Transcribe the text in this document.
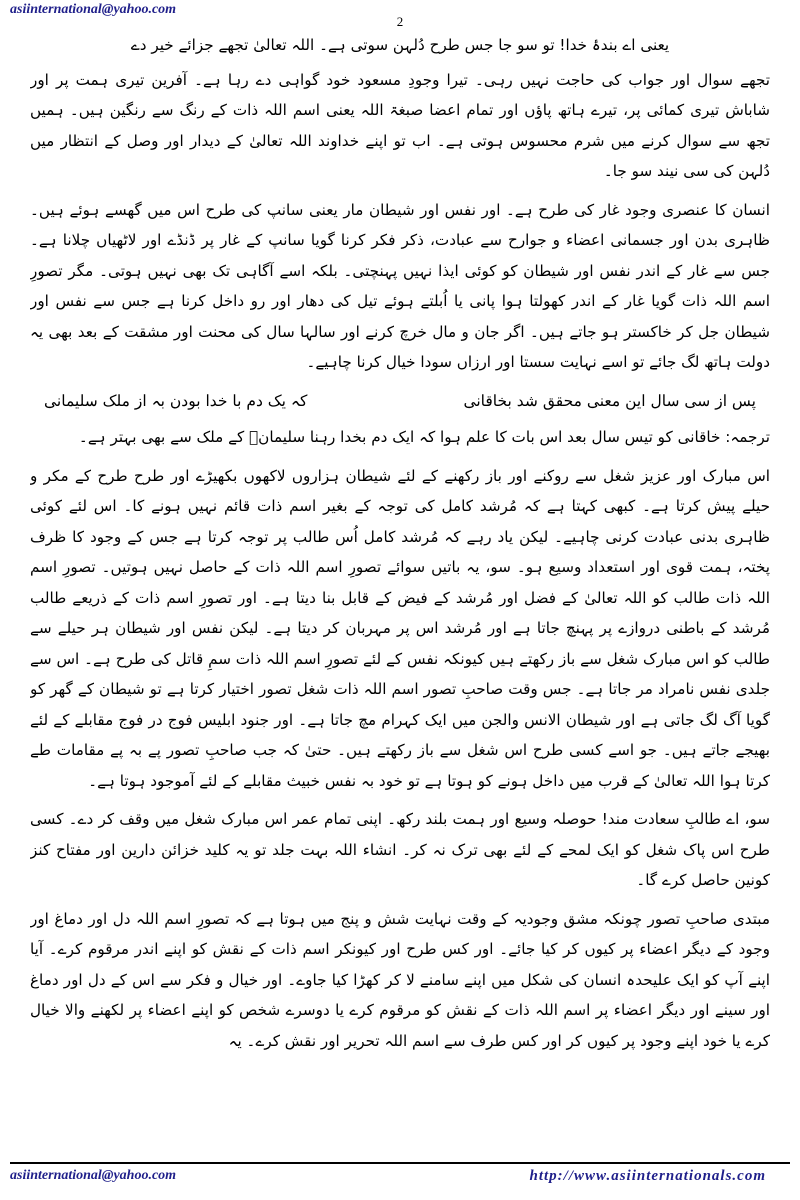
asiinternational@yahoo.com
2

یعنی اے بندۂ خدا! تو سو جا جس طرح دُلہن سوتی ہے۔ اللہ تعالیٰ تجھے جزائے خیر دے

تجھے سوال اور جواب کی حاجت نہیں رہی۔ تیرا وجودِ مسعود خود گواہی دے رہا ہے۔ آفرین تیری ہمت پر اور شاباش تیری کمائی پر، تیرے ہاتھ پاؤں اور تمام اعضا صبغۃ اللہ یعنی اسم اللہ ذات کے رنگ سے رنگین ہیں۔ ہمیں تجھ سے سوال کرنے میں شرم محسوس ہوتی ہے۔ اب تو اپنے خداوند اللہ تعالیٰ کے دیدار اور وصل کے انتظار میں دُلہن کی سی نیند سو جا۔

انسان کا عنصری وجود غار کی طرح ہے۔ اور نفس اور شیطان مار یعنی سانپ کی طرح اس میں گھسے ہوئے ہیں۔ ظاہری بدن اور جسمانی اعضاء و جوارح سے عبادت، ذکر فکر کرنا گویا سانپ کے غار پر ڈنڈے اور لاٹھیاں چلانا ہے۔ جس سے غار کے اندر نفس اور شیطان کو کوئی ایذا نہیں پہنچتی۔ بلکہ اسے آگاہی تک بھی نہیں ہوتی۔ مگر تصورِ اسم اللہ ذات گویا غار کے اندر کھولتا ہوا پانی یا اُبلتے ہوئے تیل کی دھار اور رو داخل کرنا ہے جس سے نفس اور شیطان جل کر خاکستر ہو جاتے ہیں۔ اگر جان و مال خرچ کرنے اور سالہا سال کی محنت اور مشقت کے بعد بھی یہ دولت ہاتھ لگ جائے تو اسے نہایت سستا اور ارزاں سودا خیال کرنا چاہیے۔

پس از سی سال این معنی محقق شد بخاقانی
کہ یک دم با خدا بودن بہ از ملک سلیمانی

ترجمہ: خاقانی کو تیس سال بعد اس بات کا علم ہوا کہ ایک دم بخدا رہنا سلیمانؑ کے ملک سے بھی بہتر ہے۔

اس مبارک اور عزیز شغل سے روکنے اور باز رکھنے کے لئے شیطان ہزاروں لاکھوں بکھیڑے اور طرح طرح کے مکر و حیلے پیش کرتا ہے۔ کبھی کہتا ہے کہ مُرشد کامل کی توجہ کے بغیر اسم ذات قائم نہیں ہونے کا۔ اس لئے کوئی ظاہری بدنی عبادت کرنی چاہیے۔ لیکن یاد رہے کہ مُرشد کامل اُس طالب پر توجہ کرتا ہے جس کے وجود کا ظرف پختہ، ہمت قوی اور استعداد وسیع ہو۔ سو، یہ باتیں سوائے تصورِ اسم اللہ ذات کے حاصل نہیں ہوتیں۔ تصورِ اسم اللہ ذات طالب کو اللہ تعالیٰ کے فضل اور مُرشد کے فیض کے قابل بنا دیتا ہے۔ اور تصورِ اسم ذات کے ذریعے طالب مُرشد کے باطنی دروازے پر پہنچ جاتا ہے اور مُرشد اس پر مہربان کر دیتا ہے۔ لیکن نفس اور شیطان ہر حیلے سے طالب کو اس مبارک شغل سے باز رکھتے ہیں کیونکہ نفس کے لئے تصورِ اسم اللہ ذات سمِ قاتل کی طرح ہے۔ اس سے جلدی نفس نامراد مر جاتا ہے۔ جس وقت صاحبِ تصور اسم اللہ ذات شغل تصور اختیار کرتا ہے تو شیطان کے گھر کو گویا آگ لگ جاتی ہے اور شیطان الانس والجن میں ایک کہرام مچ جاتا ہے۔ اور جنود ابلیس فوج در فوج مقابلے کے لئے بھیجے جاتے ہیں۔ جو اسے کسی طرح اس شغل سے باز رکھتے ہیں۔ حتیٰ کہ جب صاحبِ تصور پے بہ پے مقامات طے کرتا ہوا اللہ تعالیٰ کے قرب میں داخل ہونے کو ہوتا ہے تو خود بہ نفس خبیث مقابلے کے لئے آموجود ہوتا ہے۔

سو، اے طالبِ سعادت مند! حوصلہ وسیع اور ہمت بلند رکھ۔ اپنی تمام عمر اس مبارک شغل میں وقف کر دے۔ کسی طرح اس پاک شغل کو ایک لمحے کے لئے بھی ترک نہ کر۔ انشاء اللہ بہت جلد تو یہ کلید خزائن دارین اور مفتاح کنز کونین حاصل کرے گا۔

مبتدی صاحبِ تصور چونکہ مشق وجودیہ کے وقت نہایت شش و پنج میں ہوتا ہے کہ تصورِ اسم اللہ دل اور دماغ اور وجود کے دیگر اعضاء پر کیوں کر کیا جائے۔ اور کس طرح اور کیونکر اسم ذات کے نقش کو اپنے اندر مرقوم کرے۔ آیا اپنے آپ کو ایک علیحدہ انسان کی شکل میں اپنے سامنے لا کر کھڑا کیا جاوے۔ اور خیال و فکر سے اس کے دل اور دماغ اور سینے اور دیگر اعضاء پر اسم اللہ ذات کے نقش کو مرقوم کرے یا دوسرے شخص کو اپنے اعضاء پر لکھنے والا خیال کرے یا خود اپنے وجود پر کیوں کر اور کس طرف سے اسم اللہ تحریر اور نقش کرے۔ یہ

asiinternational@yahoo.com	http://www.asiinternationals.com
